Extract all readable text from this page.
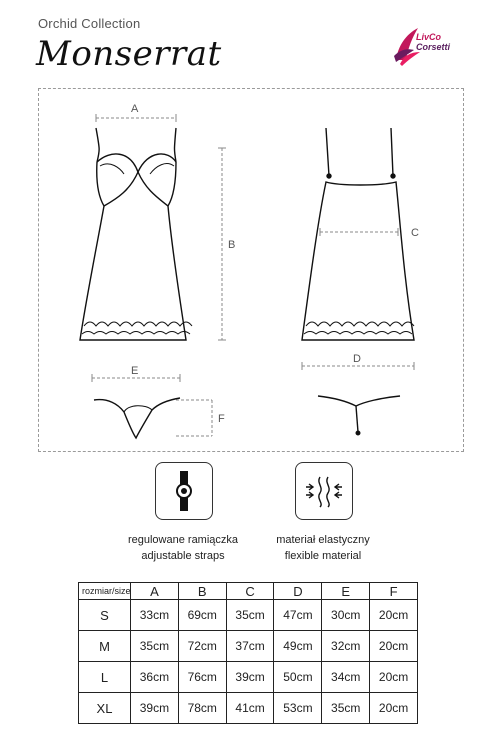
Orchid Collection
Monserrat	LivCo
Corsetti
A
B
C
D
E
F
regulowane ramiączka
adjustable straps
materiał elastyczny
flexible material
rozmiar/size	A	B	C	D	E	F
S	33cm	69cm	35cm	47cm	30cm	20cm
M	35cm	72cm	37cm	49cm	32cm	20cm
L	36cm	76cm	39cm	50cm	34cm	20cm
XL	39cm	78cm	41cm	53cm	35cm	20cm
